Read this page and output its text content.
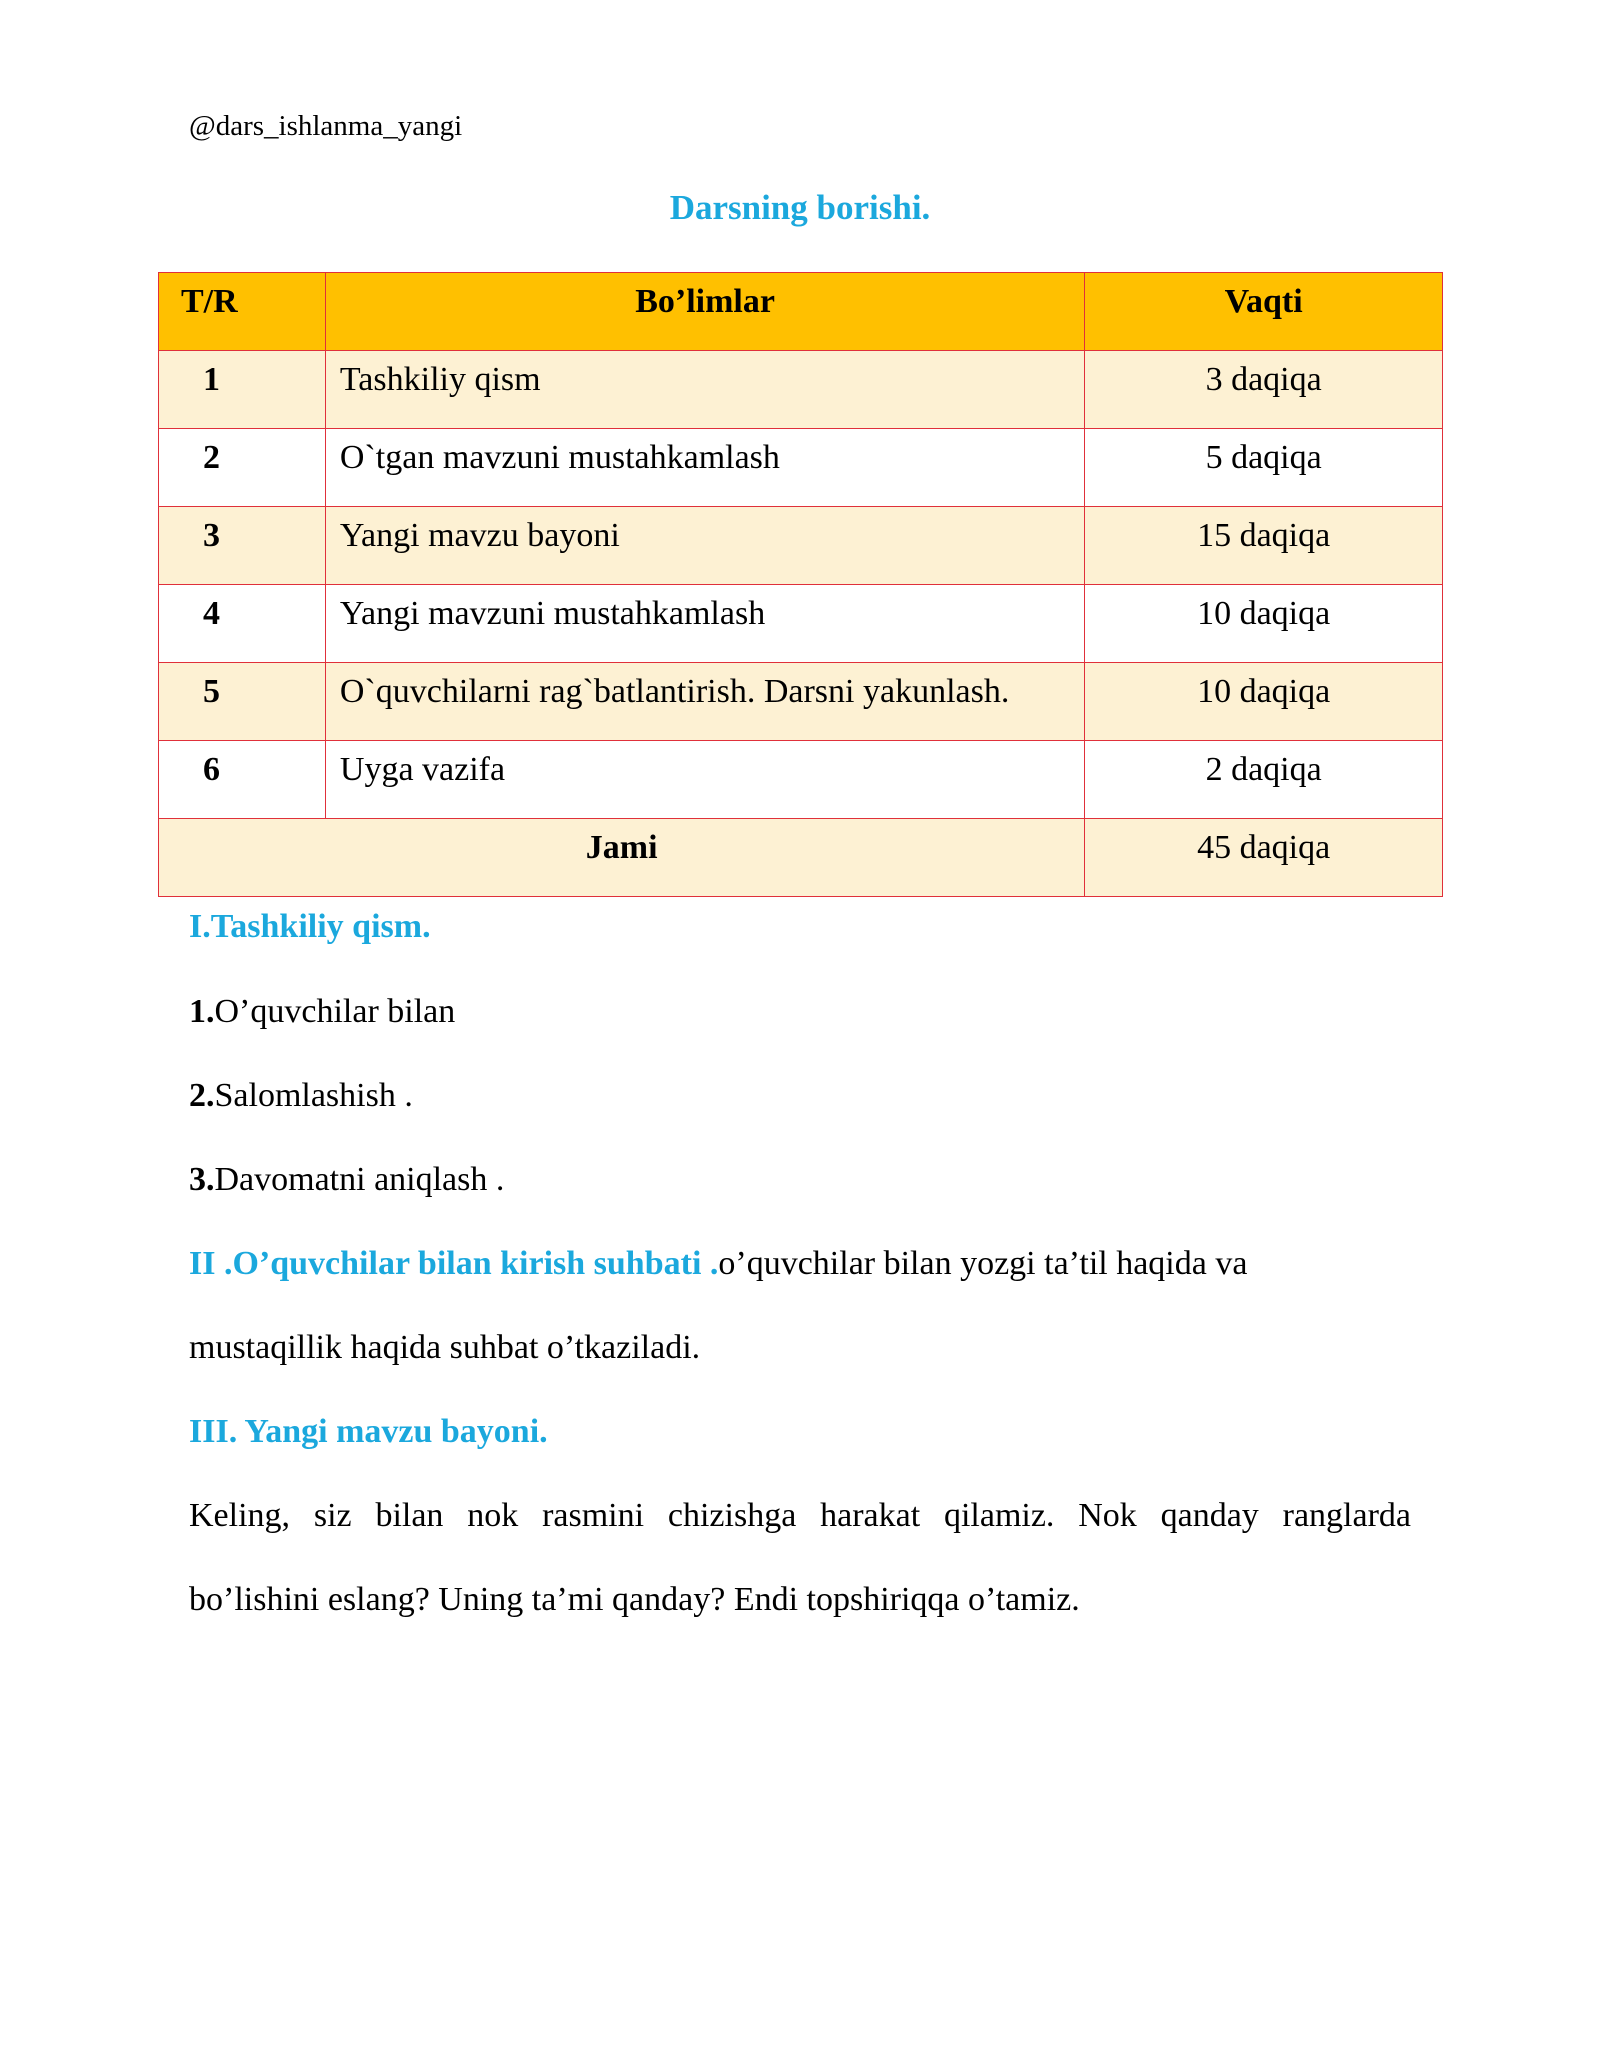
@dars_ishlanma_yangi
Darsning borishi.
T/R	Bo’limlar	Vaqti
1	Tashkiliy qism	3 daqiqa
2	O`tgan mavzuni mustahkamlash	5 daqiqa
3	Yangi mavzu bayoni	15 daqiqa
4	Yangi mavzuni mustahkamlash	10 daqiqa
5	O`quvchilarni rag`batlantirish. Darsni yakunlash.	10 daqiqa
6	Uyga vazifa	2 daqiqa
Jami		45 daqiqa
I.Tashkiliy qism.
1.O’quvchilar bilan
2.Salomlashish .
3.Davomatni aniqlash .
II .O’quvchilar bilan kirish suhbati .o’quvchilar bilan yozgi ta’til haqida va
mustaqillik haqida suhbat o’tkaziladi.
III. Yangi mavzu bayoni.
Keling, siz bilan nok rasmini chizishga harakat qilamiz. Nok qanday ranglarda
bo’lishini eslang? Uning ta’mi qanday? Endi topshiriqqa o’tamiz.
